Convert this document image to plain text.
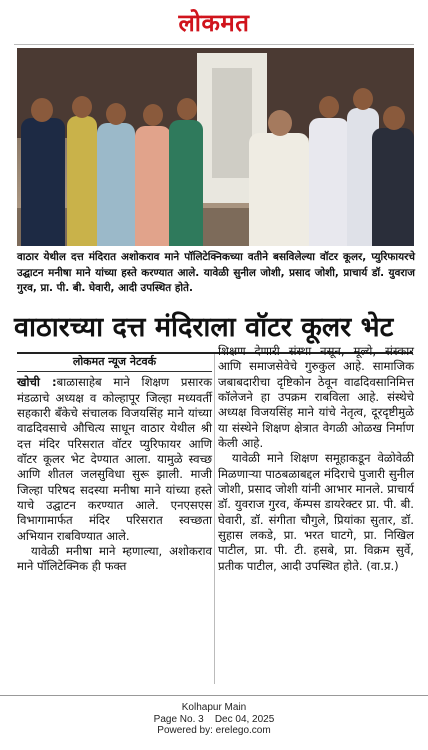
लोकमत
वाठार येथील दत्त मंदिरात अशोकराव माने पॉलिटेक्निकच्या वतीने बसविलेल्या वॉटर कूलर, प्युरिफायरचे उद्घाटन मनीषा माने यांच्या हस्ते करण्यात आले. यावेळी सुनील जोशी, प्रसाद जोशी, प्राचार्य डॉ. युवराज गुरव, प्रा. पी. बी. घेवारी, आदी उपस्थित होते.
वाठारच्या दत्त मंदिराला वॉटर कूलर भेट
लोकमत न्यूज नेटवर्क

खोची :बाळासाहेब माने शिक्षण प्रसारक मंडळाचे अध्यक्ष व कोल्हापूर जिल्हा मध्यवर्ती सहकारी बँकेचे संचालक विजयसिंह माने यांच्या वाढदिवसाचे औचित्य साधून वाठार येथील श्री दत्त मंदिर परिसरात वॉटर प्युरिफायर आणि वॉटर कूलर भेट देण्यात आला. यामुळे स्वच्छ आणि शीतल जलसुविधा सुरू झाली. माजी जिल्हा परिषद सदस्या मनीषा माने यांच्या हस्ते याचे उद्घाटन करण्यात आले. एनएसएस विभागामार्फत मंदिर परिसरात स्वच्छता अभियान राबविण्यात आले.

यावेळी मनीषा माने म्हणाल्या, अशोकराव माने पॉलिटेक्निक ही फक्त

शिक्षण देणारी संस्था नसून, मूल्ये, संस्कार आणि समाजसेवेचे गुरुकुल आहे. सामाजिक जबाबदारीचा दृष्टिकोन ठेवून वाढदिवसानिमित्त कॉलेजने हा उपक्रम राबविला आहे. संस्थेचे अध्यक्ष विजयसिंह माने यांचे नेतृत्व, दूरदृष्टीमुळे या संस्थेने शिक्षण क्षेत्रात वेगळी ओळख निर्माण केली आहे.

यावेळी माने शिक्षण समूहाकडून वेळोवेळी मिळणाऱ्या पाठबळाबद्दल मंदिराचे पुजारी सुनील जोशी, प्रसाद जोशी यांनी आभार मानले. प्राचार्य डॉ. युवराज गुरव, कॅम्पस डायरेक्टर प्रा. पी. बी. घेवारी, डॉ. संगीता चौगुले, प्रियांका सुतार, डॉ. सुहास लकडे, प्रा. भरत घाटगे, प्रा. निखिल पाटील, प्रा. पी. टी. हसबे, प्रा. विक्रम सुर्वे, प्रतीक पाटील, आदी उपस्थित होते. (वा.प्र.)

Kolhapur Main
Page No. 3    Dec 04, 2025
Powered by: erelego.com
